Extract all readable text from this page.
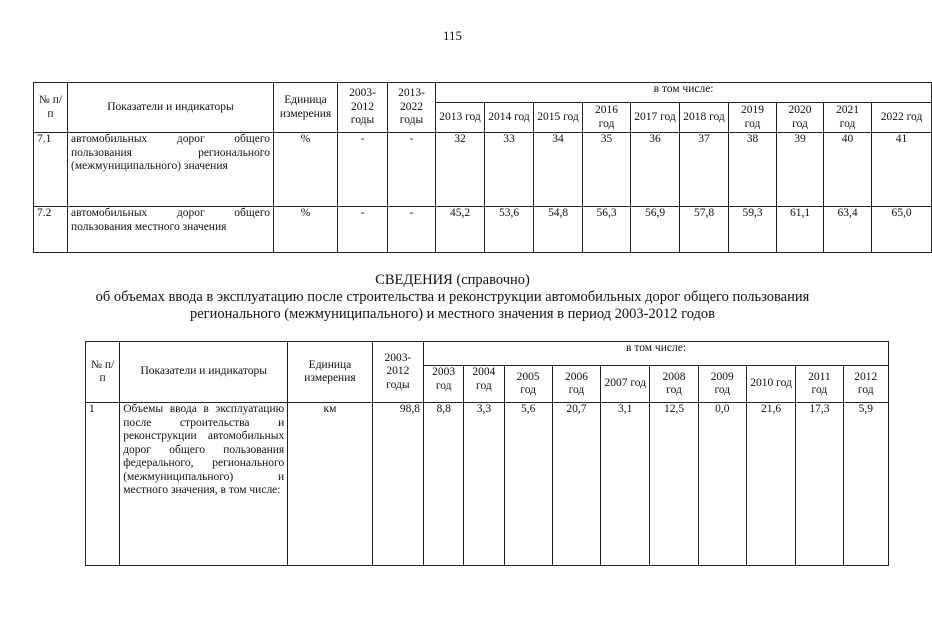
115
№ п/п	Показатели и индикаторы	Единица измерения	2003-2012 годы	2013-2022 годы	в том числе:									
					2013 год	2014 год	2015 год	2016 год	2017 год	2018 год	2019 год	2020 год	2021 год	2022 год
7.1	автомобильных дорог общего пользования регионального (межмуниципального) значения	%	-	-	32	33	34	35	36	37	38	39	40	41
7.2	автомобильных дорог общего пользования местного значения	%	-	-	45,2	53,6	54,8	56,3	56,9	57,8	59,3	61,1	63,4	65,0
СВЕДЕНИЯ (справочно)
об объемах ввода в эксплуатацию после строительства и реконструкции автомобильных дорог общего пользования
регионального (межмуниципального) и местного значения в период 2003-2012 годов
№ п/п	Показатели и индикаторы	Единица измерения	2003-2012 годы	в том числе:									
				2003 год	2004 год	2005 год	2006 год	2007 год	2008 год	2009 год	2010 год	2011 год	2012 год
1	Объемы ввода в эксплуатацию после строительства и реконструкции автомобильных дорог общего пользования федерального, регионального (межмуниципального) и местного значения, в том числе:	км	98,8	8,8	3,3	5,6	20,7	3,1	12,5	0,0	21,6	17,3	5,9
